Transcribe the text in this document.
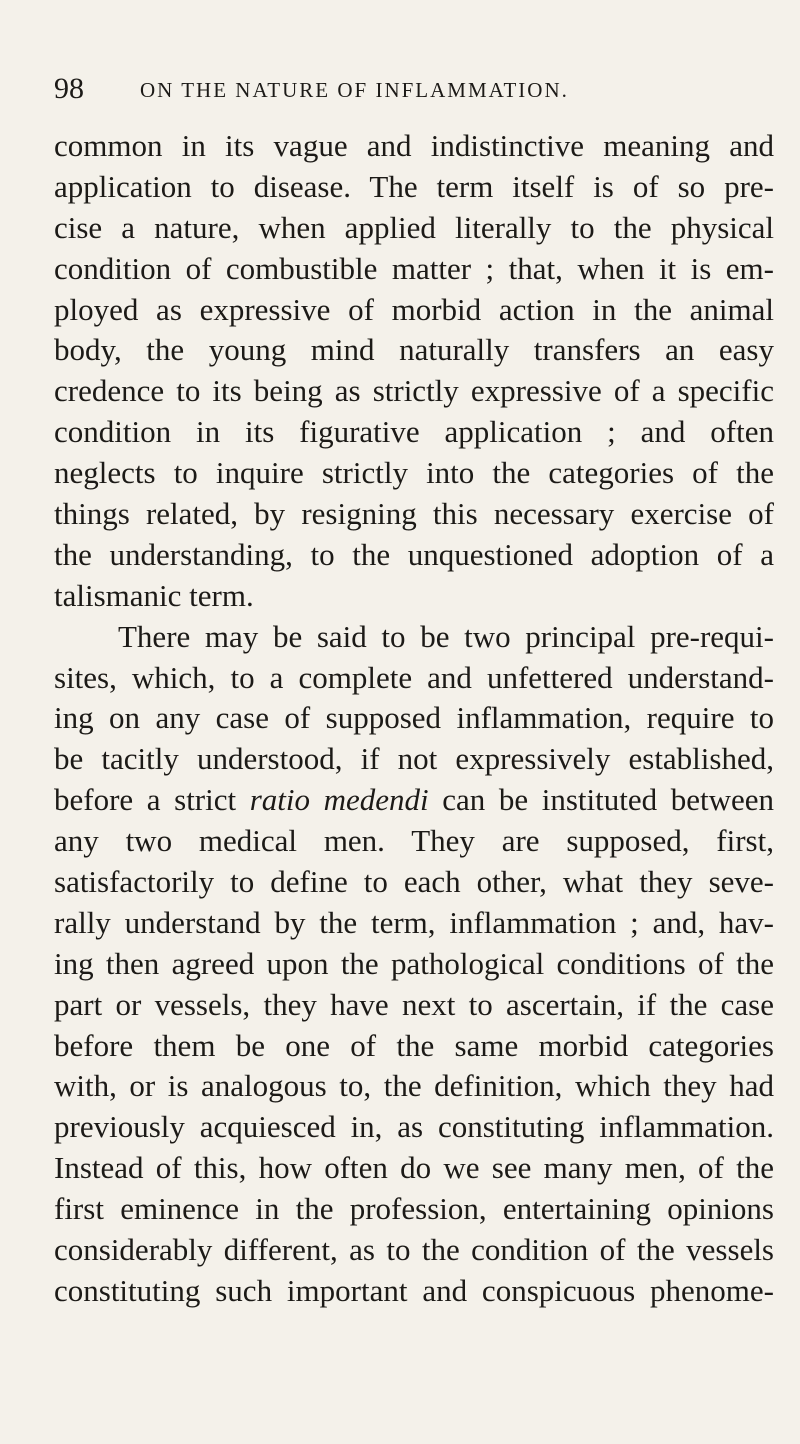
98	ON THE NATURE OF INFLAMMATION.
common in its vague and indistinctive meaning and
application to disease. The term itself is of so pre-
cise a nature, when applied literally to the physical
condition of combustible matter ; that, when it is em-
ployed as expressive of morbid action in the animal
body, the young mind naturally transfers an easy
credence to its being as strictly expressive of a specific
condition in its figurative application ; and often
neglects to inquire strictly into the categories of the
things related, by resigning this necessary exercise of
the understanding, to the unquestioned adoption of a
talismanic term.
There may be said to be two principal pre-requi-
sites, which, to a complete and unfettered understand-
ing on any case of supposed inflammation, require to
be tacitly understood, if not expressively established,
before a strict ratio medendi can be instituted between
any two medical men. They are supposed, first,
satisfactorily to define to each other, what they seve-
rally understand by the term, inflammation ; and, hav-
ing then agreed upon the pathological conditions of the
part or vessels, they have next to ascertain, if the case
before them be one of the same morbid categories
with, or is analogous to, the definition, which they had
previously acquiesced in, as constituting inflammation.
Instead of this, how often do we see many men, of the
first eminence in the profession, entertaining opinions
considerably different, as to the condition of the vessels
constituting such important and conspicuous phenome-
